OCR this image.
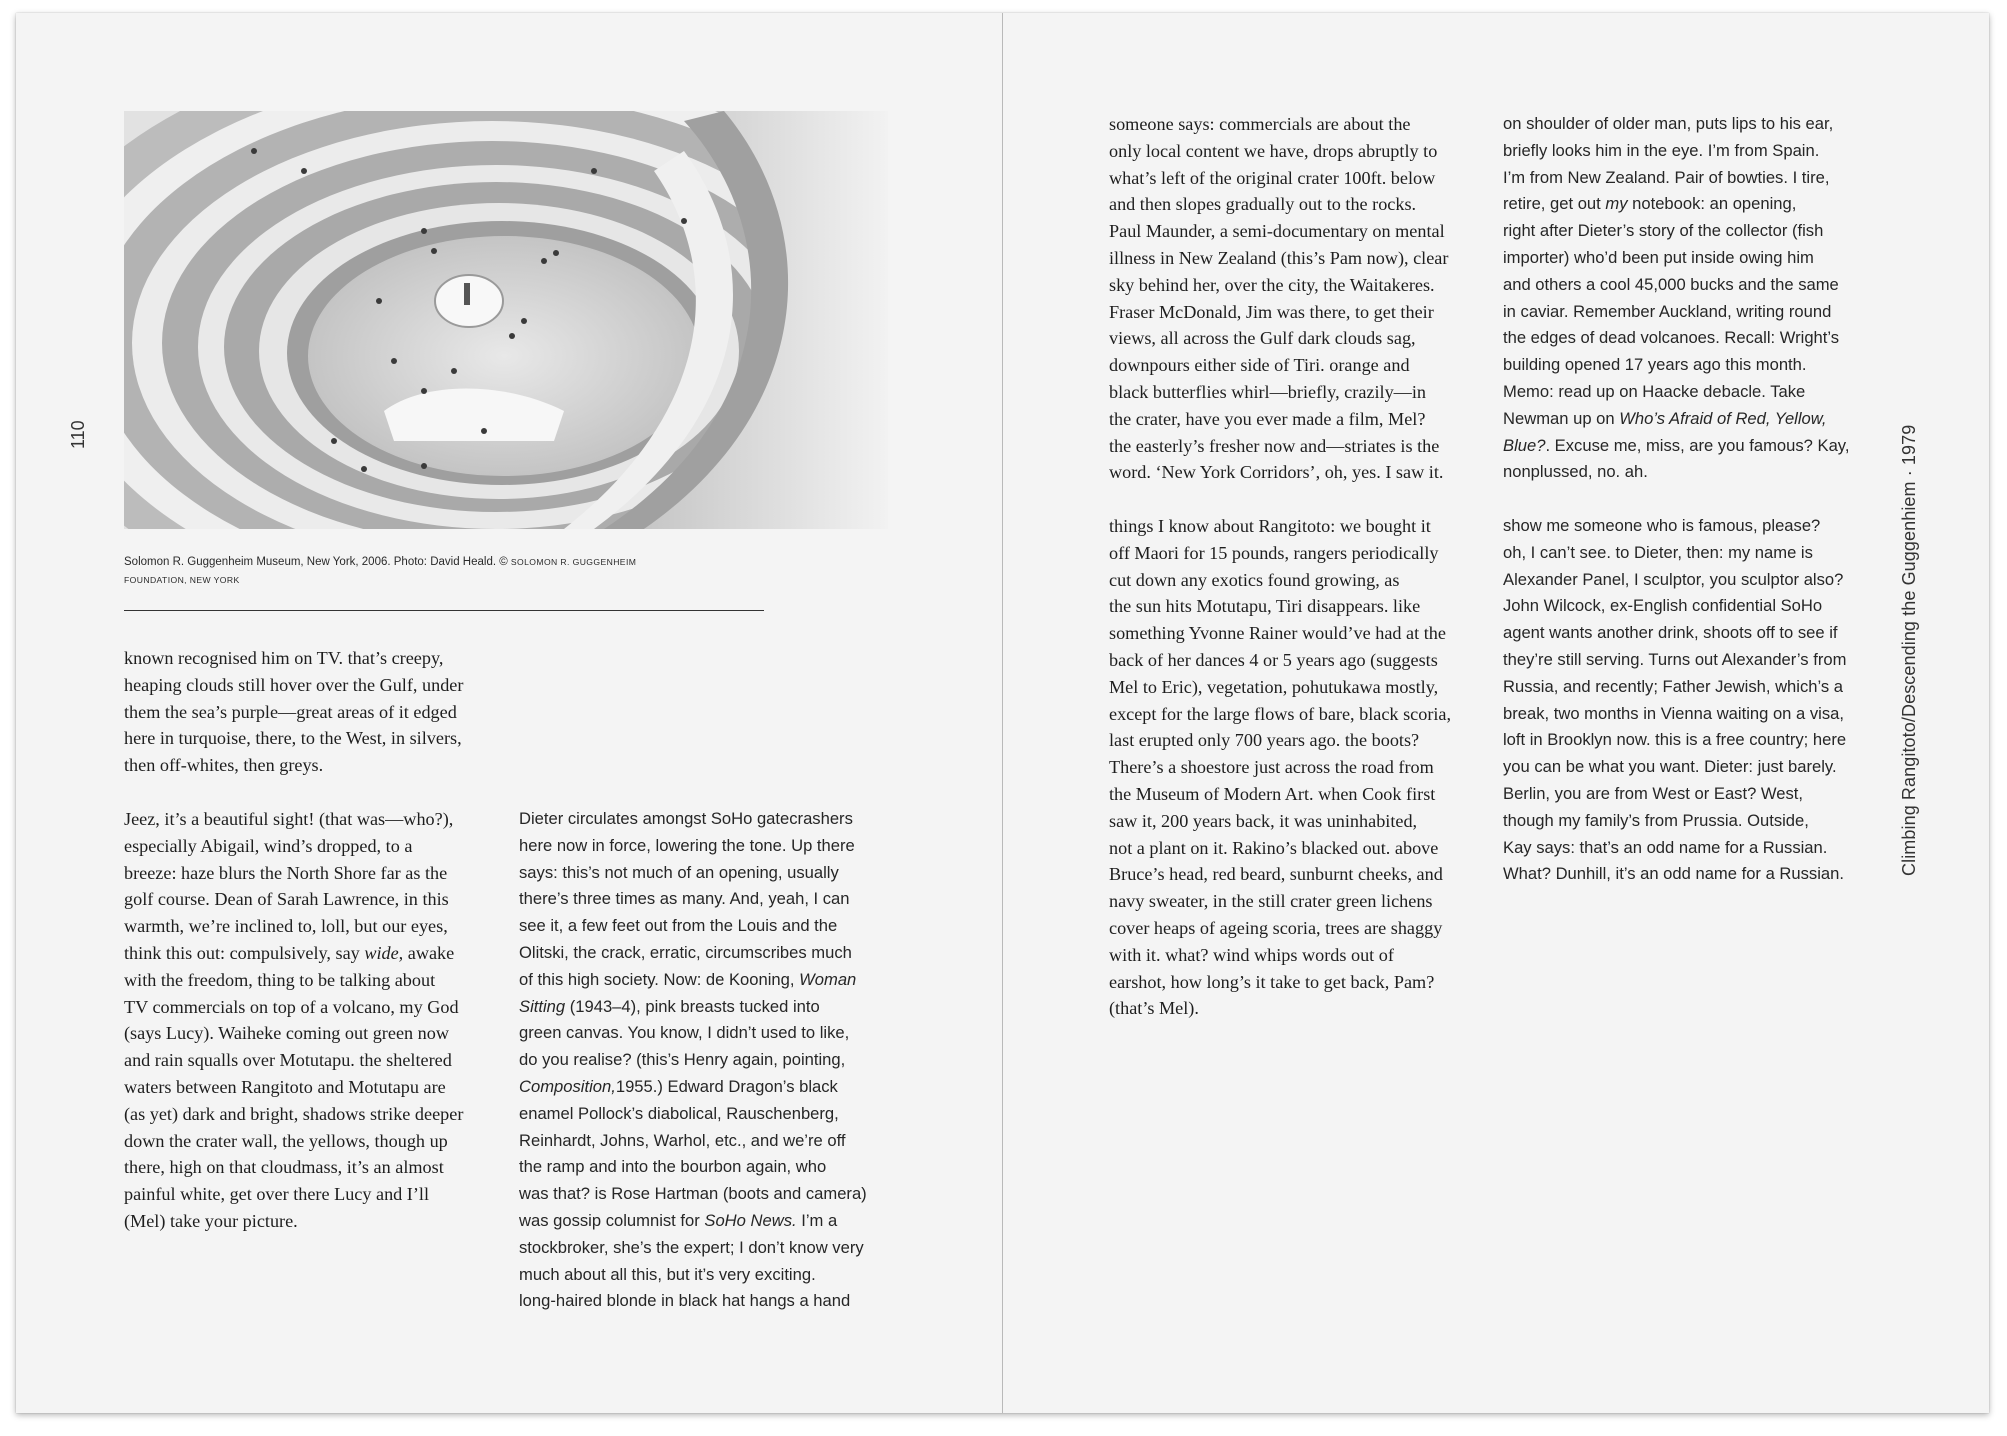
110
Solomon R. Guggenheim Museum, New York, 2006. Photo: David Heald. © SOLOMON R. GUGGENHEIM
FOUNDATION, NEW YORK

known recognised him on TV. that’s creepy,
heaping clouds still hover over the Gulf, under
them the sea’s purple—great areas of it edged
here in turquoise, there, to the West, in silvers,
then off-whites, then greys.

Jeez, it’s a beautiful sight! (that was—who?),
especially Abigail, wind’s dropped, to a
breeze: haze blurs the North Shore far as the
golf course. Dean of Sarah Lawrence, in this
warmth, we’re inclined to, loll, but our eyes,
think this out: compulsively, say wide, awake
with the freedom, thing to be talking about
TV commercials on top of a volcano, my God
(says Lucy). Waiheke coming out green now
and rain squalls over Motutapu. the sheltered
waters between Rangitoto and Motutapu are
(as yet) dark and bright, shadows strike deeper
down the crater wall, the yellows, though up
there, high on that cloudmass, it’s an almost
painful white, get over there Lucy and I’ll
(Mel) take your picture.

Dieter circulates amongst SoHo gatecrashers
here now in force, lowering the tone. Up there
says: this’s not much of an opening, usually
there’s three times as many. And, yeah, I can
see it, a few feet out from the Louis and the
Olitski, the crack, erratic, circumscribes much
of this high society. Now: de Kooning, Woman
Sitting (1943–4), pink breasts tucked into
green canvas. You know, I didn’t used to like,
do you realise? (this’s Henry again, pointing,
Composition,1955.) Edward Dragon’s black
enamel Pollock’s diabolical, Rauschenberg,
Reinhardt, Johns, Warhol, etc., and we’re off
the ramp and into the bourbon again, who
was that? is Rose Hartman (boots and camera)
was gossip columnist for SoHo News. I’m a
stockbroker, she’s the expert; I don’t know very
much about all this, but it’s very exciting.
long-haired blonde in black hat hangs a hand

someone says: commercials are about the
only local content we have, drops abruptly to
what’s left of the original crater 100ft. below
and then slopes gradually out to the rocks.
Paul Maunder, a semi-documentary on mental
illness in New Zealand (this’s Pam now), clear
sky behind her, over the city, the Waitakeres.
Fraser McDonald, Jim was there, to get their
views, all across the Gulf dark clouds sag,
downpours either side of Tiri. orange and
black butterflies whirl—briefly, crazily—in
the crater, have you ever made a film, Mel?
the easterly’s fresher now and—striates is the
word. ‘New York Corridors’, oh, yes. I saw it.

things I know about Rangitoto: we bought it
off Maori for 15 pounds, rangers periodically
cut down any exotics found growing, as
the sun hits Motutapu, Tiri disappears. like
something Yvonne Rainer would’ve had at the
back of her dances 4 or 5 years ago (suggests
Mel to Eric), vegetation, pohutukawa mostly,
except for the large flows of bare, black scoria,
last erupted only 700 years ago. the boots?
There’s a shoestore just across the road from
the Museum of Modern Art. when Cook first
saw it, 200 years back, it was uninhabited,
not a plant on it. Rakino’s blacked out. above
Bruce’s head, red beard, sunburnt cheeks, and
navy sweater, in the still crater green lichens
cover heaps of ageing scoria, trees are shaggy
with it. what? wind whips words out of
earshot, how long’s it take to get back, Pam?
(that’s Mel).

on shoulder of older man, puts lips to his ear,
briefly looks him in the eye. I’m from Spain.
I’m from New Zealand. Pair of bowties. I tire,
retire, get out my notebook: an opening,
right after Dieter’s story of the collector (fish
importer) who’d been put inside owing him
and others a cool 45,000 bucks and the same
in caviar. Remember Auckland, writing round
the edges of dead volcanoes. Recall: Wright’s
building opened 17 years ago this month.
Memo: read up on Haacke debacle. Take
Newman up on Who’s Afraid of Red, Yellow,
Blue?. Excuse me, miss, are you famous? Kay,
nonplussed, no. ah.

show me someone who is famous, please?
oh, I can’t see. to Dieter, then: my name is
Alexander Panel, I sculptor, you sculptor also?
John Wilcock, ex-English confidential SoHo
agent wants another drink, shoots off to see if
they’re still serving. Turns out Alexander’s from
Russia, and recently; Father Jewish, which’s a
break, two months in Vienna waiting on a visa,
loft in Brooklyn now. this is a free country; here
you can be what you want. Dieter: just barely.
Berlin, you are from West or East? West,
though my family’s from Prussia. Outside,
Kay says: that’s an odd name for a Russian.
What? Dunhill, it’s an odd name for a Russian.	Climbing Rangitoto/Descending the Guggenhiem · 1979
